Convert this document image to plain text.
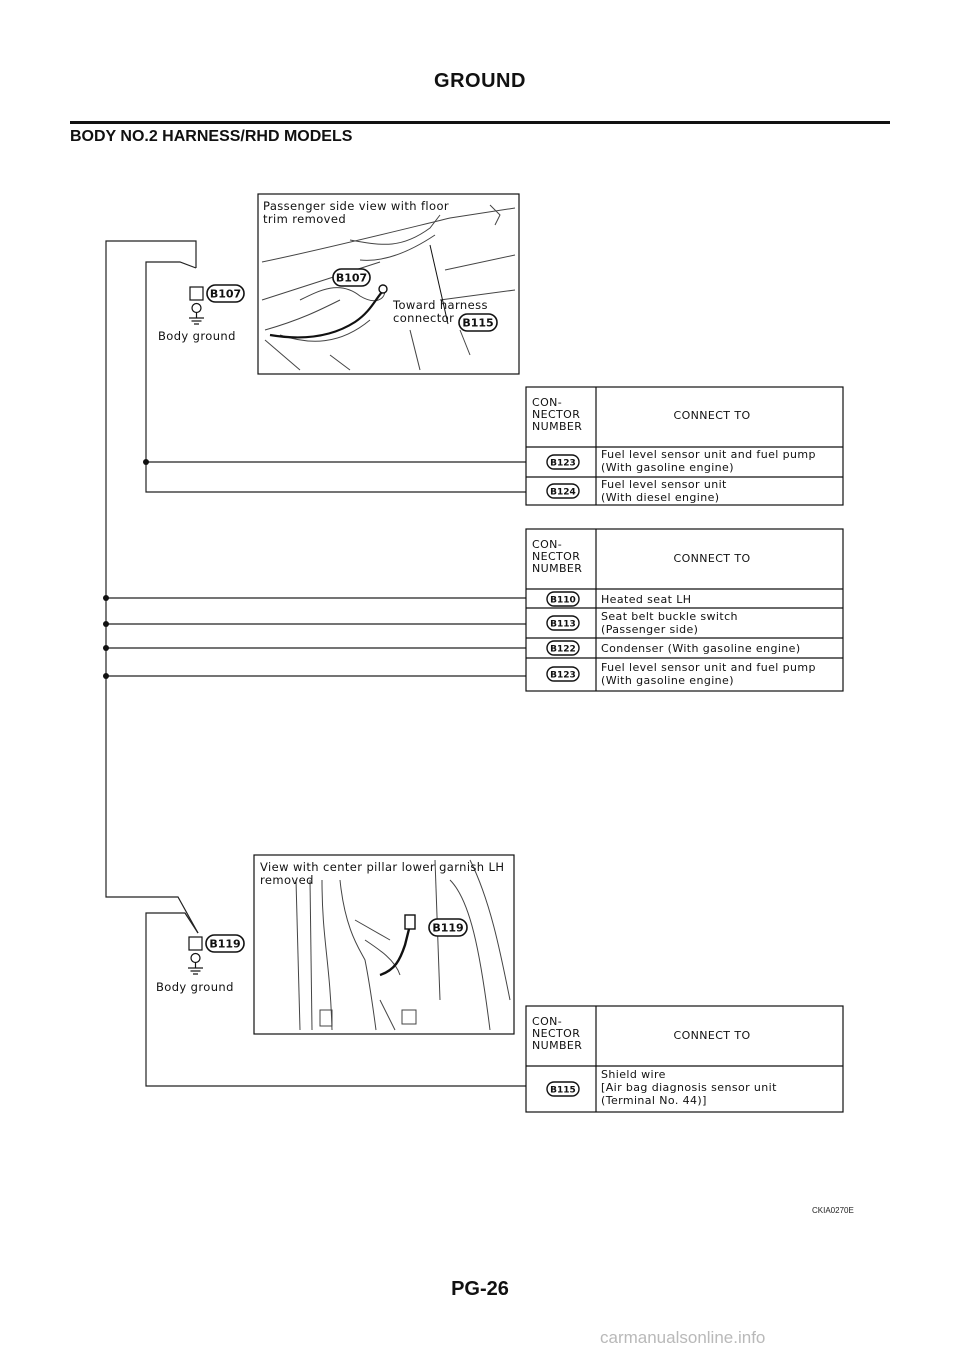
GROUND
BODY NO.2 HARNESS/RHD MODELS
B107
Body ground
Passenger side view with floor
trim removed
B107
Toward harness
connector B115
CON-
NECTOR
NUMBER
CONNECT TO
B123
Fuel level sensor unit and fuel pump
(With gasoline engine)
B124
Fuel level sensor unit
(With diesel engine)
CON-
NECTOR
NUMBER
CONNECT TO
B110 Heated seat LH
B113
Seat belt buckle switch
(Passenger side)
B122 Condenser (With gasoline engine)
B123
Fuel level sensor unit and fuel pump
(With gasoline engine)
B119
Body ground
View with center pillar lower garnish LH
removed
B119
CON-
NECTOR
NUMBER
CONNECT TO
B115
Shield wire
[Air bag diagnosis sensor unit
(Terminal No. 44)]
CKIA0270E
PG-26
carmanualsonline.info
